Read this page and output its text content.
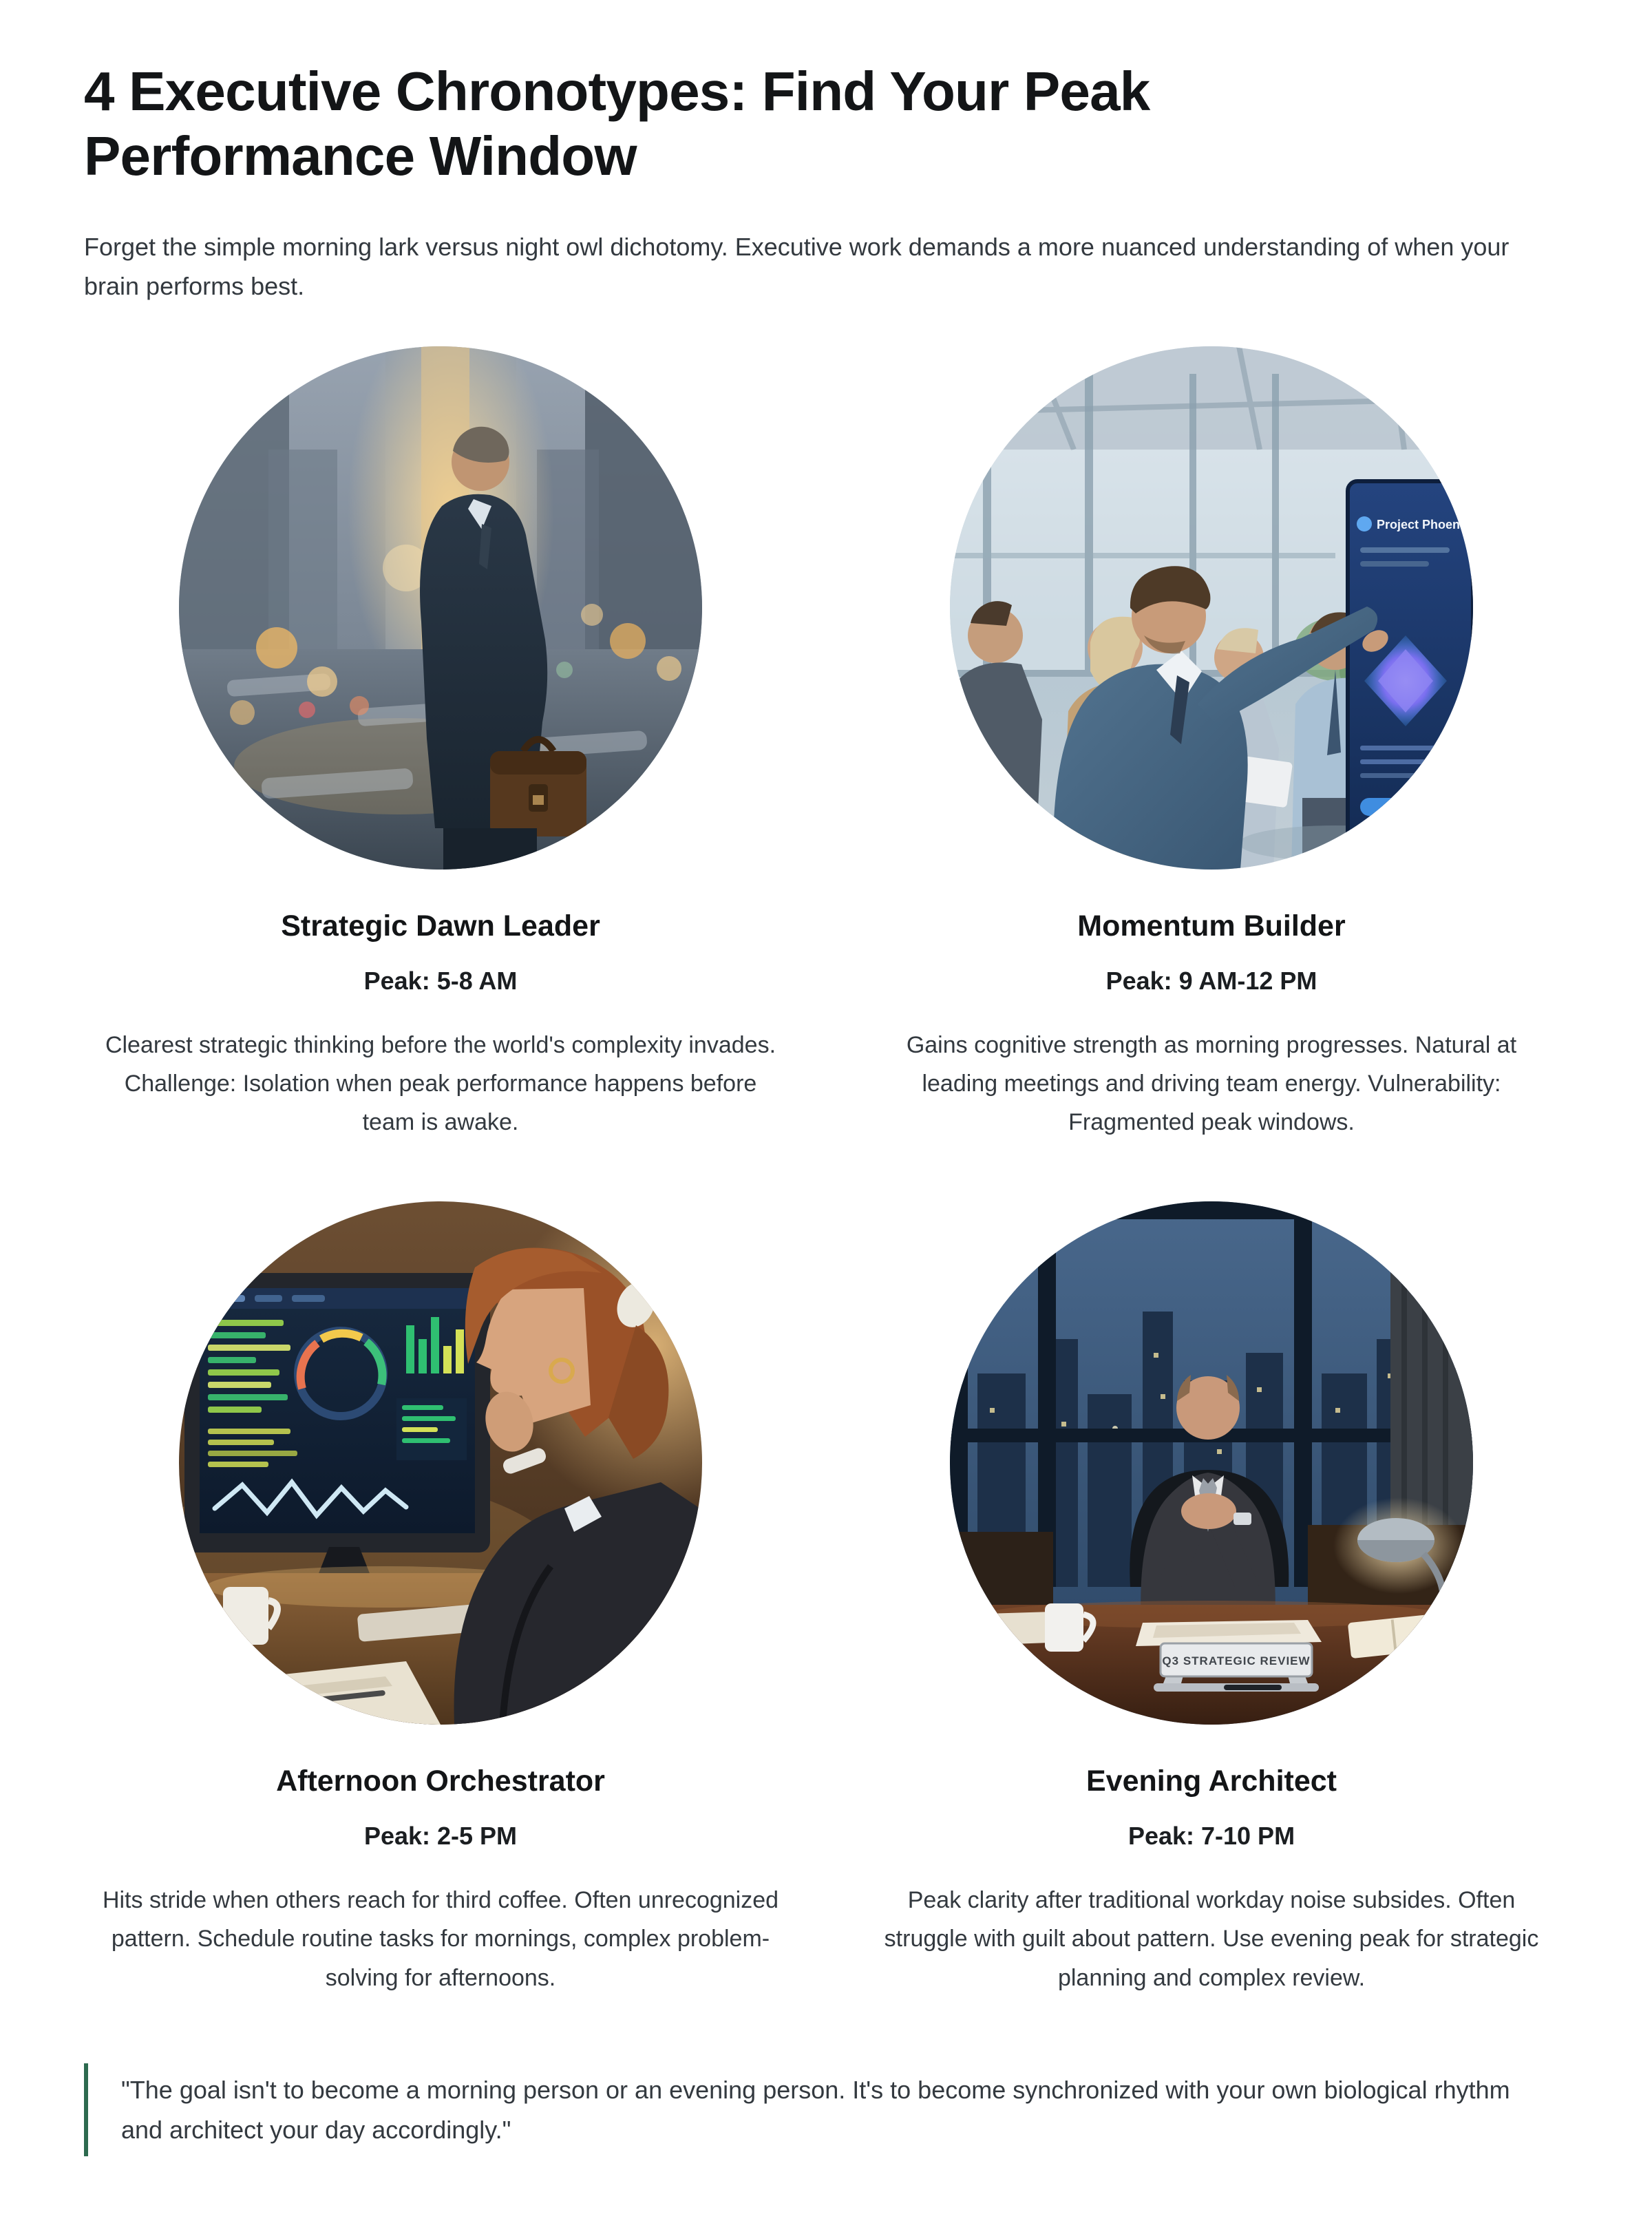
4 Executive Chronotypes: Find Your Peak Performance Window

Forget the simple morning lark versus night owl dichotomy. Executive work demands a more nuanced understanding of when your brain performs best.

Strategic Dawn Leader
Peak: 5-8 AM

Clearest strategic thinking before the world's complexity invades. Challenge: Isolation when peak performance happens before team is awake.

Project Phoenix
Momentum Builder
Peak: 9 AM-12 PM

Gains cognitive strength as morning progresses. Natural at leading meetings and driving team energy. Vulnerability: Fragmented peak windows.

Afternoon Orchestrator
Peak: 2-5 PM

Hits stride when others reach for third coffee. Often unrecognized pattern. Schedule routine tasks for mornings, complex problem-solving for afternoons.

Q3 STRATEGIC REVIEW
Evening Architect
Peak: 7-10 PM

Peak clarity after traditional workday noise subsides. Often struggle with guilt about pattern. Use evening peak for strategic planning and complex review.

"The goal isn't to become a morning person or an evening person. It's to become synchronized with your own biological rhythm and architect your day accordingly."
